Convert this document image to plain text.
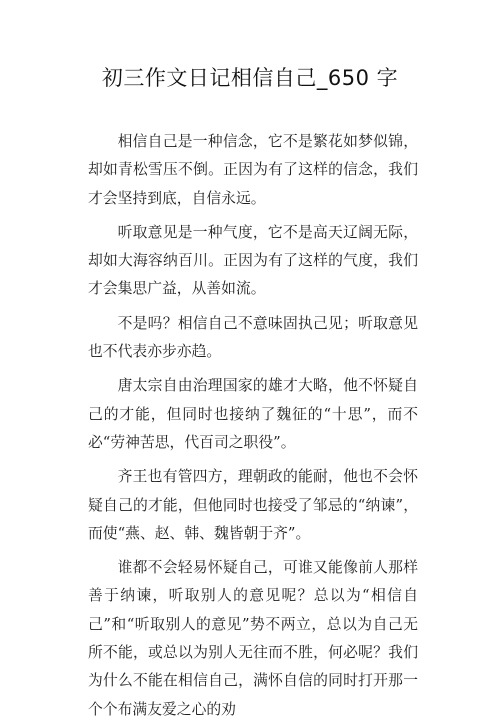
初三作文日记相信自己_650 字

相信自己是一种信念，它不是繁花如梦似锦，却如青松雪压不倒。正因为有了这样的信念，我们才会坚持到底，自信永远。

听取意见是一种气度，它不是高天辽阔无际，却如大海容纳百川。正因为有了这样的气度，我们才会集思广益，从善如流。

不是吗？相信自己不意味固执己见；听取意见也不代表亦步亦趋。

唐太宗自由治理国家的雄才大略，他不怀疑自己的才能，但同时也接纳了魏征的“十思”，而不必“劳神苦思，代百司之职役”。

齐王也有管四方，理朝政的能耐，他也不会怀疑自己的才能，但他同时也接受了邹忌的“纳谏”，而使“燕、赵、韩、魏皆朝于齐”。

谁都不会轻易怀疑自己，可谁又能像前人那样善于纳谏，听取别人的意见呢？总以为“相信自己”和“听取别人的意见”势不两立，总以为自己无所不能，或总以为别人无往而不胜，何必呢？我们为什么不能在相信自己，满怀自信的同时打开那一个个布满友爱之心的劝
